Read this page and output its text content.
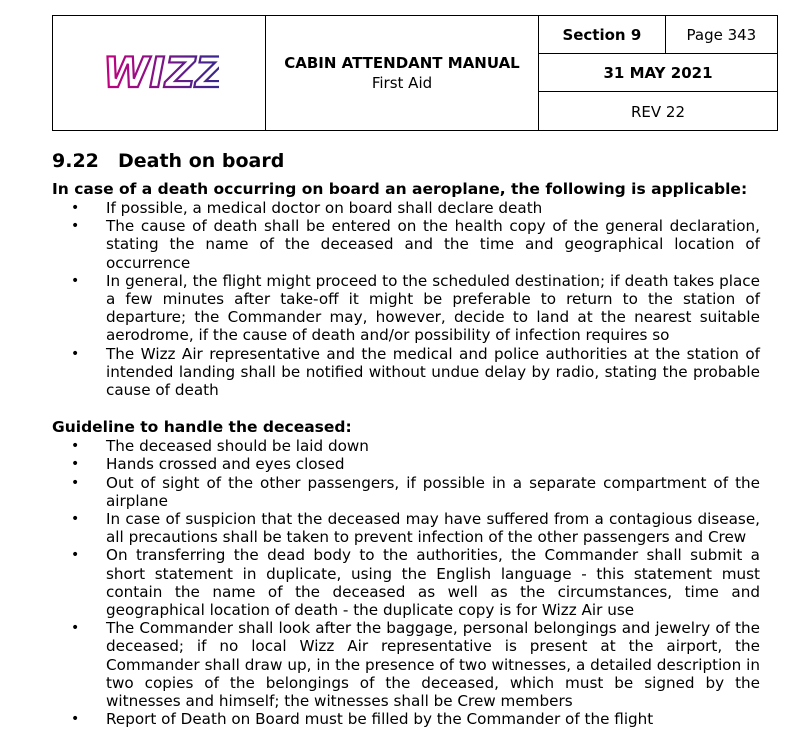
WIZZ	CABIN ATTENDANT MANUAL
First Aid
	Section 9	Page 343
31 MAY 2021
REV 22
9.22	Death on board

In case of a death occurring on board an aeroplane, the following is applicable:

• If possible, a medical doctor on board shall declare death
• The cause of death shall be entered on the health copy of the general declaration, stating the name of the deceased and the time and geographical location of occurrence
• In general, the flight might proceed to the scheduled destination; if death takes place a few minutes after take-off it might be preferable to return to the station of departure; the Commander may, however, decide to land at the nearest suitable aerodrome, if the cause of death and/or possibility of infection requires so
• The Wizz Air representative and the medical and police authorities at the station of intended landing shall be notified without undue delay by radio, stating the probable cause of death

Guideline to handle the deceased:

• The deceased should be laid down
• Hands crossed and eyes closed
• Out of sight of the other passengers, if possible in a separate compartment of the airplane
• In case of suspicion that the deceased may have suffered from a contagious disease, all precautions shall be taken to prevent infection of the other passengers and Crew
• On transferring the dead body to the authorities, the Commander shall submit a short statement in duplicate, using the English language - this statement must contain the name of the deceased as well as the circumstances, time and geographical location of death - the duplicate copy is for Wizz Air use
• The Commander shall look after the baggage, personal belongings and jewelry of the deceased; if no local Wizz Air representative is present at the airport, the Commander shall draw up, in the presence of two witnesses, a detailed description in two copies of the belongings of the deceased, which must be signed by the witnesses and himself; the witnesses shall be Crew members
• Report of Death on Board must be filled by the Commander of the flight
